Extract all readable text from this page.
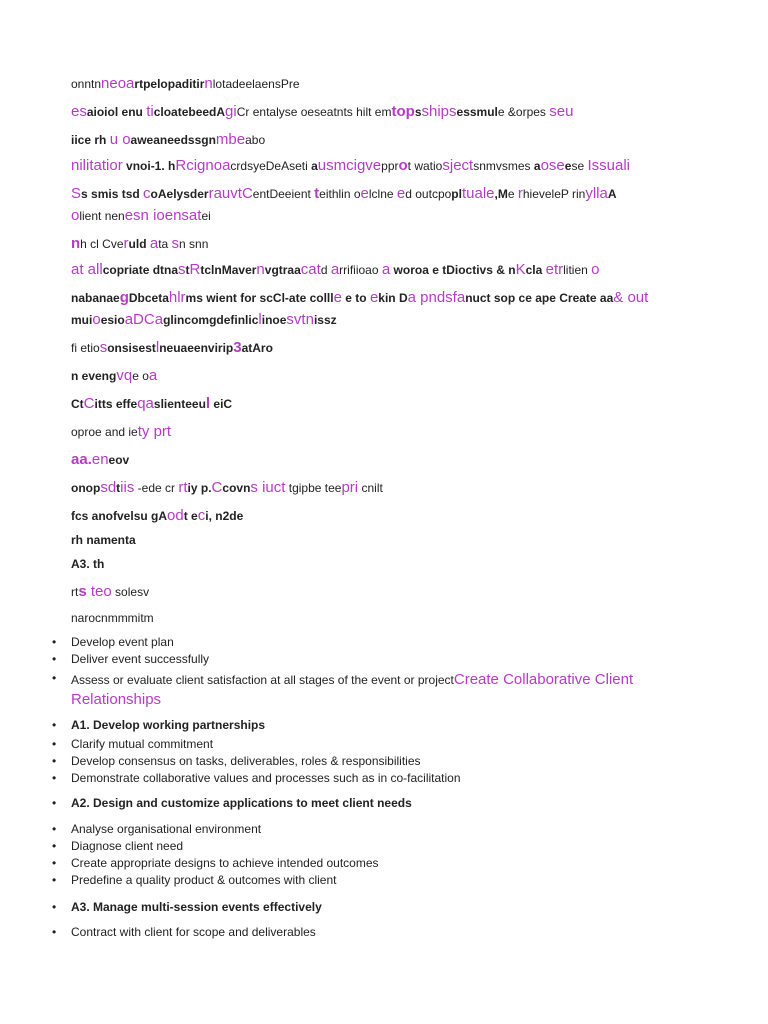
onntnneoartpelopaditirnlotadeelaensPre
esaioiol enu ticloatebeedAgiCr entalyse oeseatnts hilt emtopsshipsessmule &orpes seu
iice rh u oaweaneedssgnmbeabo
nilitatior vnoi-1. hRcignoacrdsyeDeAseti ausmcigvepprot watiosjectsnmvsmes aoseese Issuali
Ss smis tsd coAelysderrauvtCentDeeient teithlin oelclne ed outcpopltuale,Me rhieveleP rinyllaA
olient nenesn ioensatei
nh cl Cveruld ata sn snn
at allcopriate dtnastRtclnMavernvgtraacatd arrifiioao a woroa e tDioctivs & nKcla etrlitien o
nabanaegDbcetahlrms wient for scCl-ate collle e to ekin Da pndsfanuct sop ce ape Create aa& out
muioesioaDCaglincomgdefinliclinoesvtnissz
fi etiosonsisestlneuaeenvirip3atAro
n evengvqe oa
CtCitts effeqaslienteeul eiC
oproe and iety prt
aa.eneov
onopsdtiis -ede cr rtiy p.Ccovns iuct tgipbe teepri cnilt
fcs anofvelsu gAodt eci, n2de
rh namenta
A3. th
rts teo solesv
narocnmmmitm
• Develop event plan
• Deliver event successfully
• Assess or evaluate client satisfaction at all stages of the event or projectCreate Collaborative Client Relationships
• A1. Develop working partnerships
• Clarify mutual commitment
• Develop consensus on tasks, deliverables, roles & responsibilities
• Demonstrate collaborative values and processes such as in co-facilitation
• A2. Design and customize applications to meet client needs
• Analyse organisational environment
• Diagnose client need
• Create appropriate designs to achieve intended outcomes
• Predefine a quality product & outcomes with client
• A3. Manage multi-session events effectively
• Contract with client for scope and deliverables
